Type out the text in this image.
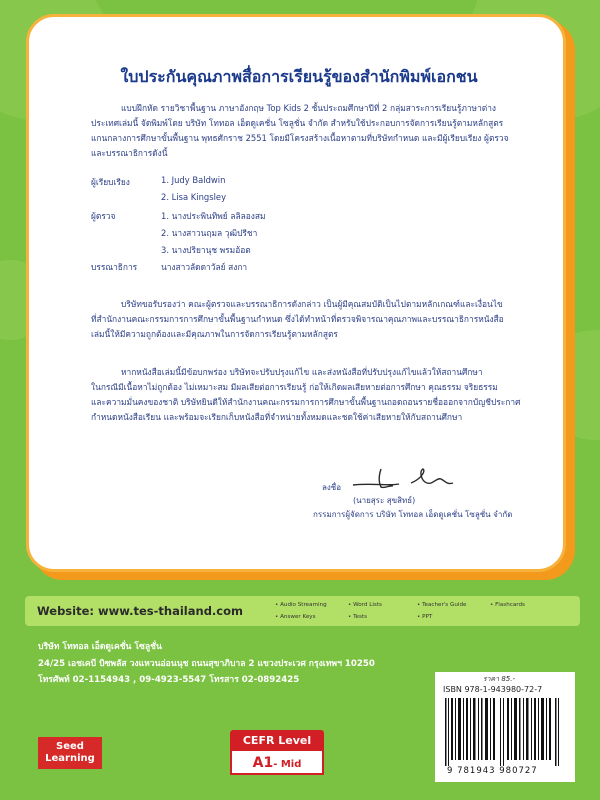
ใบประกันคุณภาพสื่อการเรียนรู้ของสำนักพิมพ์เอกชน
แบบฝึกหัด รายวิชาพื้นฐาน ภาษาอังกฤษ Top Kids 2 ชั้นประถมศึกษาปีที่ 2 กลุ่มสาระการเรียนรู้ภาษาต่าง
ประเทศเล่มนี้ จัดพิมพ์โดย บริษัท โททอล เอ็ดดูเคชั่น โซลูชั่น จำกัด สำหรับใช้ประกอบการจัดการเรียนรู้ตามหลักสูตร
แกนกลางการศึกษาขั้นพื้นฐาน พุทธศักราช 2551 โดยมีโครงสร้างเนื้อหาตามที่บริษัทกำหนด และมีผู้เรียบเรียง ผู้ตรวจ
และบรรณาธิการดังนี้
ผู้เรียบเรียง	1. Judy Baldwin
2. Lisa Kingsley
ผู้ตรวจ	1. นางประพินทิพย์ ลลิลองสม
2. นางสาวนฤมล วุฒิปรีชา
3. นางปริยานุช พรมอ้อต
บรรณาธิการ	นางสาวลัดดาวัลย์ สงกา
บริษัทขอรับรองว่า คณะผู้ตรวจและบรรณาธิการดังกล่าว เป็นผู้มีคุณสมบัติเป็นไปตามหลักเกณฑ์และเงื่อนไข
ที่สำนักงานคณะกรรมการการศึกษาขั้นพื้นฐานกำหนด ซึ่งได้ทำหน้าที่ตรวจพิจารณาคุณภาพและบรรณาธิการหนังสือ
เล่มนี้ให้มีความถูกต้องและมีคุณภาพในการจัดการเรียนรู้ตามหลักสูตร
หากหนังสือเล่มนี้มีข้อบกพร่อง บริษัทจะปรับปรุงแก้ไข และส่งหนังสือที่ปรับปรุงแก้ไขแล้วให้สถานศึกษา
ในกรณีมีเนื้อหาไม่ถูกต้อง ไม่เหมาะสม มีผลเสียต่อการเรียนรู้ ก่อให้เกิดผลเสียหายต่อการศึกษา คุณธรรม จริยธรรม
และความมั่นคงของชาติ บริษัทยินดีให้สำนักงานคณะกรรมการการศึกษาขั้นพื้นฐานถอดถอนรายชื่อออกจากบัญชีประกาศ
กำหนดหนังสือเรียน และพร้อมจะเรียกเก็บหนังสือที่จำหน่ายทั้งหมดและชดใช้ค่าเสียหายให้กับสถานศึกษา
ลงชื่อ
(นายสุระ สุขสิทธ์)
กรรมการผู้จัดการ บริษัท โททอล เอ็ดดูเคชั่น โซลูชั่น จำกัด
Website: www.tes-thailand.com
•	Audio Streaming
• Answer Keys
• Word Lists
• Tests
• Teacher's Guide
• PPT
• Flashcards
บริษัท โททอล เอ็ดดูเคชั่น โซลูชั่น
24/25 เอชเคบี บิซพลัส วงแหวนอ่อนนุช ถนนสุขาภิบาล 2 แขวงประเวศ กรุงเทพฯ 10250
โทรศัพท์ 02-1154943 , 09-4923-5547 โทรสาร 02-0892425	ราคา 85.-
ISBN 978-1-943980-72-7
9 781943 980727
CEFR Level
A1- Mid
Seed
Learning
